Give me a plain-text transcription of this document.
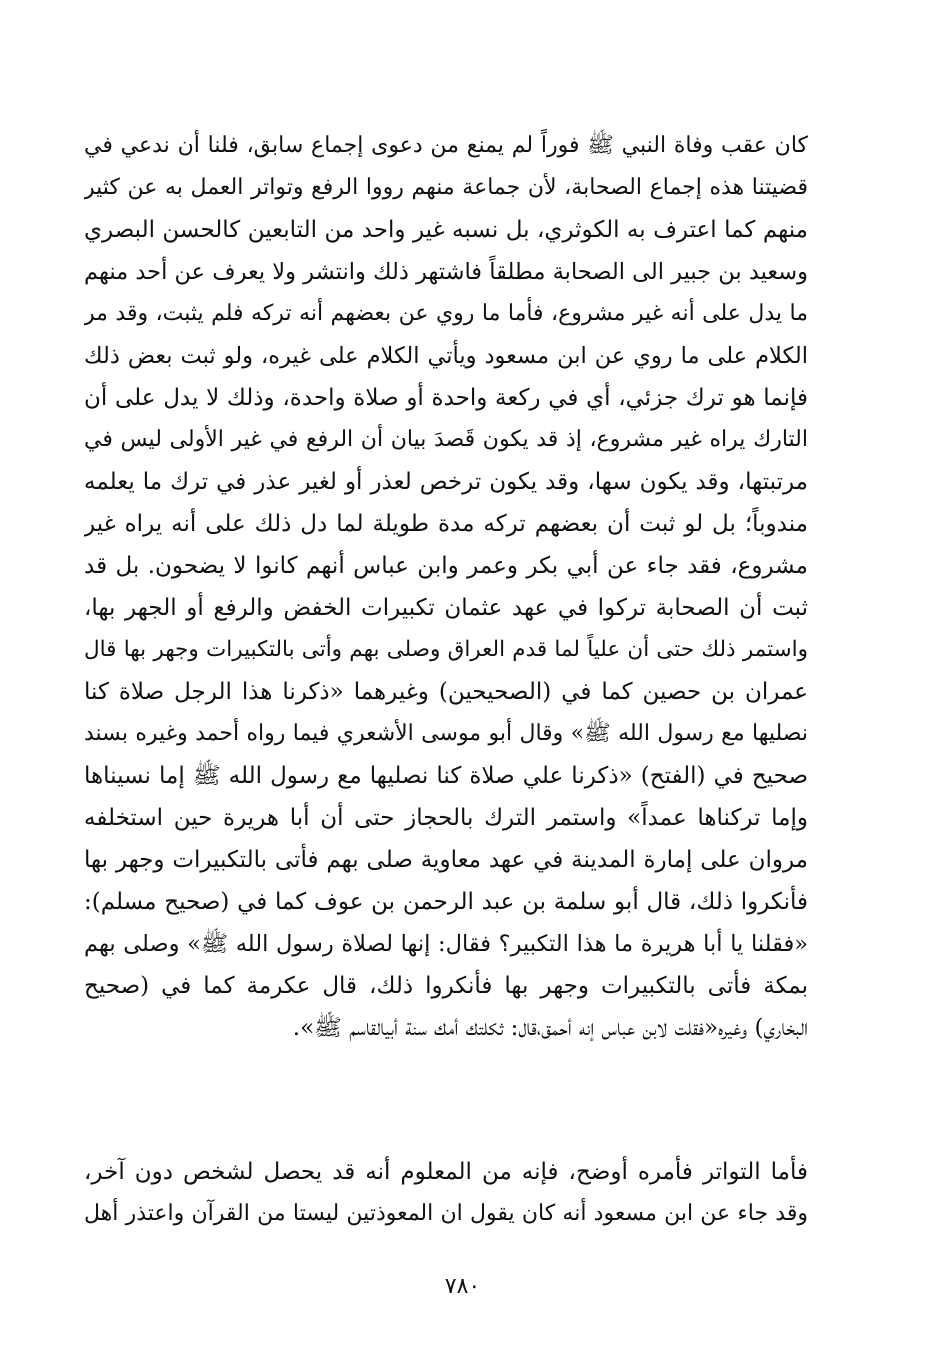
كان عقب وفاة النبي ﷺ فوراً لم يمنع من دعوى إجماع سابق، فلنا أن ندعي في
قضيتنا هذه إجماع الصحابة، لأن جماعة منهم رووا الرفع وتواتر العمل به عن كثير
منهم كما اعترف به الكوثري، بل نسبه غير واحد من التابعين كالحسن البصري
وسعيد بن جبير الى الصحابة مطلقاً فاشتهر ذلك وانتشر ولا يعرف عن أحد منهم
ما يدل على أنه غير مشروع، فأما ما روي عن بعضهم أنه تركه فلم يثبت، وقد مر
الكلام على ما روي عن ابن مسعود ويأتي الكلام على غيره، ولو ثبت بعض ذلك
فإنما هو ترك جزئي، أي في ركعة واحدة أو صلاة واحدة، وذلك لا يدل على أن
التارك يراه غير مشروع، إذ قد يكون قَصدَ بيان أن الرفع في غير الأولى ليس في
مرتبتها، وقد يكون سها، وقد يكون ترخص لعذر أو لغير عذر في ترك ما يعلمه
مندوباً؛ بل لو ثبت أن بعضهم تركه مدة طويلة لما دل ذلك على أنه يراه غير
مشروع، فقد جاء عن أبي بكر وعمر وابن عباس أنهم كانوا لا يضحون. بل قد
ثبت أن الصحابة تركوا في عهد عثمان تكبيرات الخفض والرفع أو الجهر بها،
واستمر ذلك حتى أن علياً لما قدم العراق وصلى بهم وأتى بالتكبيرات وجهر بها قال
عمران بن حصين كما في (الصحيحين) وغيرهما «ذكرنا هذا الرجل صلاة كنا
نصليها مع رسول الله ﷺ» وقال أبو موسى الأشعري فيما رواه أحمد وغيره بسند
صحيح في (الفتح) «ذكرنا علي صلاة كنا نصليها مع رسول الله ﷺ إما نسيناها
وإما تركناها عمداً» واستمر الترك بالحجاز حتى أن أبا هريرة حين استخلفه
مروان على إمارة المدينة في عهد معاوية صلى بهم فأتى بالتكبيرات وجهر بها
فأنكروا ذلك، قال أبو سلمة بن عبد الرحمن بن عوف كما في (صحيح مسلم):
«فقلنا يا أبا هريرة ما هذا التكبير؟ فقال: إنها لصلاة رسول الله ﷺ» وصلى بهم
بمكة فأتى بالتكبيرات وجهر بها فأنكروا ذلك، قال عكرمة كما في (صحيح
البخاري) وغيره«فقلت لابن عباس إنه أحمق،قال: ثكلتك أمك سنة أبيالقاسم ﷺ».
فأما التواتر فأمره أوضح، فإنه من المعلوم أنه قد يحصل لشخص دون آخر،
وقد جاء عن ابن مسعود أنه كان يقول ان المعوذتين ليستا من القرآن واعتذر أهل
٧٨٠
